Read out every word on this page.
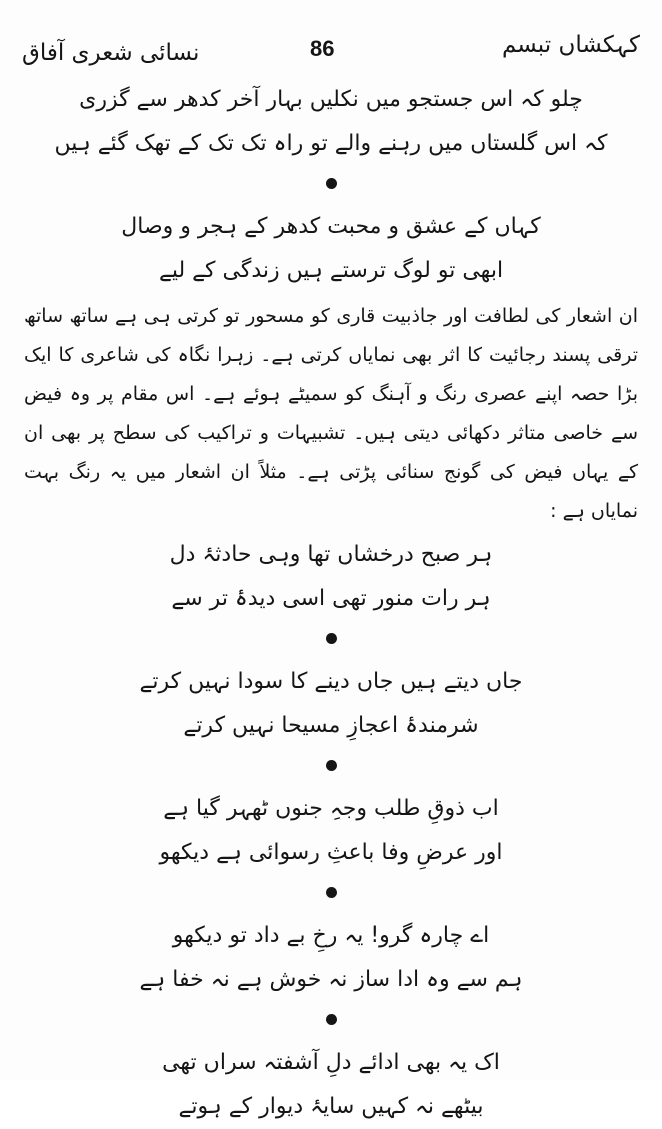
کہکشاں تبسم
86
نسائی شعری آفاق
چلو کہ اس جستجو میں نکلیں بہار آخر کدھر سے گزری
کہ اس گلستاں میں رہنے والے تو راہ تک تک کے تھک گئے ہیں
کہاں کے عشق و محبت کدھر کے ہجر و وصال
ابھی تو لوگ ترستے ہیں زندگی کے لیے

ان اشعار کی لطافت اور جاذبیت قاری کو مسحور تو کرتی ہی ہے ساتھ ساتھ ترقی پسند رجائیت کا اثر بھی نمایاں کرتی ہے۔ زہرا نگاہ کی شاعری کا ایک بڑا حصہ اپنے عصری رنگ و آہنگ کو سمیٹے ہوئے ہے۔ اس مقام پر وہ فیض سے خاصی متاثر دکھائی دیتی ہیں۔ تشبیہات و تراکیب کی سطح پر بھی ان کے یہاں فیض کی گونج سنائی پڑتی ہے۔ مثلاً ان اشعار میں یہ رنگ بہت نمایاں ہے :

ہر صبح درخشاں تھا وہی حادثۂ دل
ہر رات منور تھی اسی دیدۂ تر سے
جاں دیتے ہیں جاں دینے کا سودا نہیں کرتے
شرمندۂ اعجازِ مسیحا نہیں کرتے
اب ذوقِ طلب وجہِ جنوں ٹھہر گیا ہے
اور عرضِ وفا باعثِ رسوائی ہے دیکھو
اے چارہ گرو! یہ رخِ بے داد تو دیکھو
ہم سے وہ ادا ساز نہ خوش ہے نہ خفا ہے
اک یہ بھی ادائے دلِ آشفتہ سراں تھی
بیٹھے نہ کہیں سایۂ دیوار کے ہوتے
